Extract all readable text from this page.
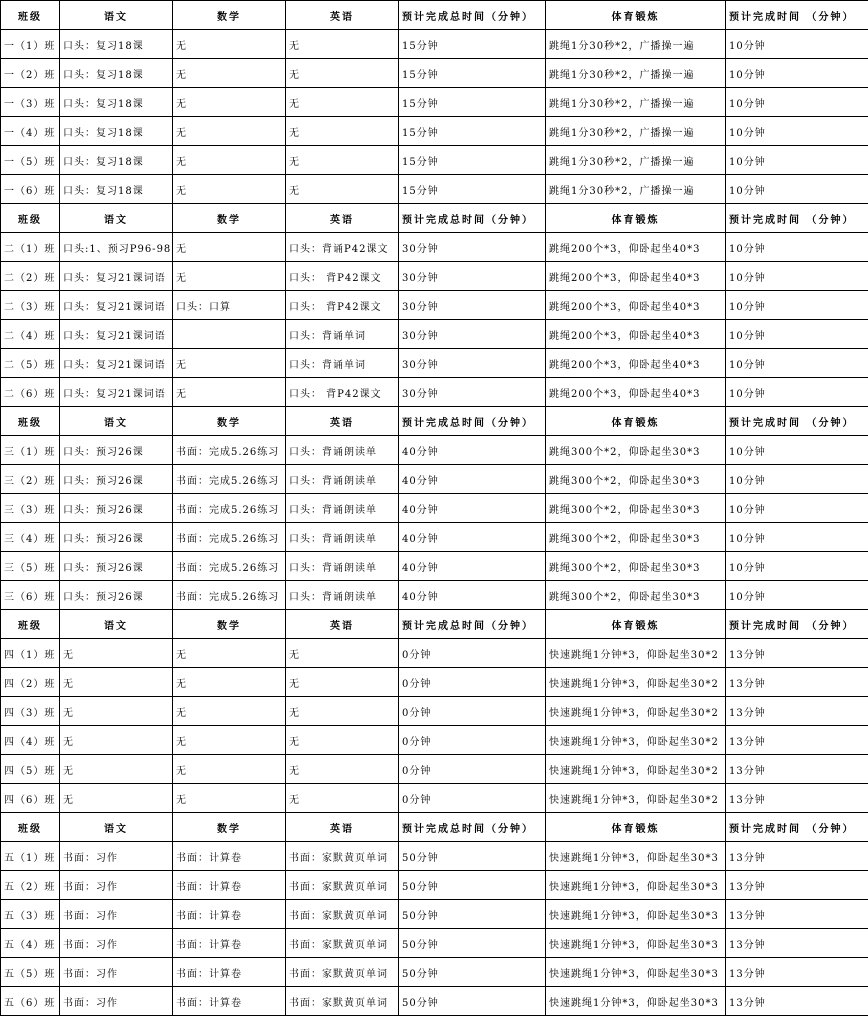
班级	语文	数学	英语	预计完成总时间（分钟）	体育锻炼	预计完成时间 （分钟）
一（1）班	口头：复习18课	无	无	15分钟	跳绳1分30秒*2，广播操一遍	10分钟
一（2）班	口头：复习18课	无	无	15分钟	跳绳1分30秒*2，广播操一遍	10分钟
一（3）班	口头：复习18课	无	无	15分钟	跳绳1分30秒*2，广播操一遍	10分钟
一（4）班	口头：复习18课	无	无	15分钟	跳绳1分30秒*2，广播操一遍	10分钟
一（5）班	口头：复习18课	无	无	15分钟	跳绳1分30秒*2，广播操一遍	10分钟
一（6）班	口头：复习18课	无	无	15分钟	跳绳1分30秒*2，广播操一遍	10分钟
班级	语文	数学	英语	预计完成总时间（分钟）	体育锻炼	预计完成时间 （分钟）
二（1）班	口头:1、预习P96-98	无	口头：背诵P42课文	30分钟	跳绳200个*3，仰卧起坐40*3	10分钟
二（2）班	口头：复习21课词语	无	口头： 背P42课文	30分钟	跳绳200个*3，仰卧起坐40*3	10分钟
二（3）班	口头：复习21课词语	口头：口算	口头： 背P42课文	30分钟	跳绳200个*3，仰卧起坐40*3	10分钟
二（4）班	口头：复习21课词语		口头：背诵单词	30分钟	跳绳200个*3，仰卧起坐40*3	10分钟
二（5）班	口头：复习21课词语	无	口头：背诵单词	30分钟	跳绳200个*3，仰卧起坐40*3	10分钟
二（6）班	口头：复习21课词语	无	口头： 背P42课文	30分钟	跳绳200个*3，仰卧起坐40*3	10分钟
班级	语文	数学	英语	预计完成总时间（分钟）	体育锻炼	预计完成时间 （分钟）
三（1）班	口头：预习26课	书面：完成5.26练习	口头：背诵朗读单	40分钟	跳绳300个*2，仰卧起坐30*3	10分钟
三（2）班	口头：预习26课	书面：完成5.26练习	口头：背诵朗读单	40分钟	跳绳300个*2，仰卧起坐30*3	10分钟
三（3）班	口头：预习26课	书面：完成5.26练习	口头：背诵朗读单	40分钟	跳绳300个*2，仰卧起坐30*3	10分钟
三（4）班	口头：预习26课	书面：完成5.26练习	口头：背诵朗读单	40分钟	跳绳300个*2，仰卧起坐30*3	10分钟
三（5）班	口头：预习26课	书面：完成5.26练习	口头：背诵朗读单	40分钟	跳绳300个*2，仰卧起坐30*3	10分钟
三（6）班	口头：预习26课	书面：完成5.26练习	口头：背诵朗读单	40分钟	跳绳300个*2，仰卧起坐30*3	10分钟
班级	语文	数学	英语	预计完成总时间（分钟）	体育锻炼	预计完成时间 （分钟）
四（1）班	无	无	无	0分钟	快速跳绳1分钟*3，仰卧起坐30*2	13分钟
四（2）班	无	无	无	0分钟	快速跳绳1分钟*3，仰卧起坐30*2	13分钟
四（3）班	无	无	无	0分钟	快速跳绳1分钟*3，仰卧起坐30*2	13分钟
四（4）班	无	无	无	0分钟	快速跳绳1分钟*3，仰卧起坐30*2	13分钟
四（5）班	无	无	无	0分钟	快速跳绳1分钟*3，仰卧起坐30*2	13分钟
四（6）班	无	无	无	0分钟	快速跳绳1分钟*3，仰卧起坐30*2	13分钟
班级	语文	数学	英语	预计完成总时间（分钟）	体育锻炼	预计完成时间 （分钟）
五（1）班	书面：习作	书面：计算卷	书面：家默黄页单词	50分钟	快速跳绳1分钟*3，仰卧起坐30*3	13分钟
五（2）班	书面：习作	书面：计算卷	书面：家默黄页单词	50分钟	快速跳绳1分钟*3，仰卧起坐30*3	13分钟
五（3）班	书面：习作	书面：计算卷	书面：家默黄页单词	50分钟	快速跳绳1分钟*3，仰卧起坐30*3	13分钟
五（4）班	书面：习作	书面：计算卷	书面：家默黄页单词	50分钟	快速跳绳1分钟*3，仰卧起坐30*3	13分钟
五（5）班	书面：习作	书面：计算卷	书面：家默黄页单词	50分钟	快速跳绳1分钟*3，仰卧起坐30*3	13分钟
五（6）班	书面：习作	书面：计算卷	书面：家默黄页单词	50分钟	快速跳绳1分钟*3，仰卧起坐30*3	13分钟
